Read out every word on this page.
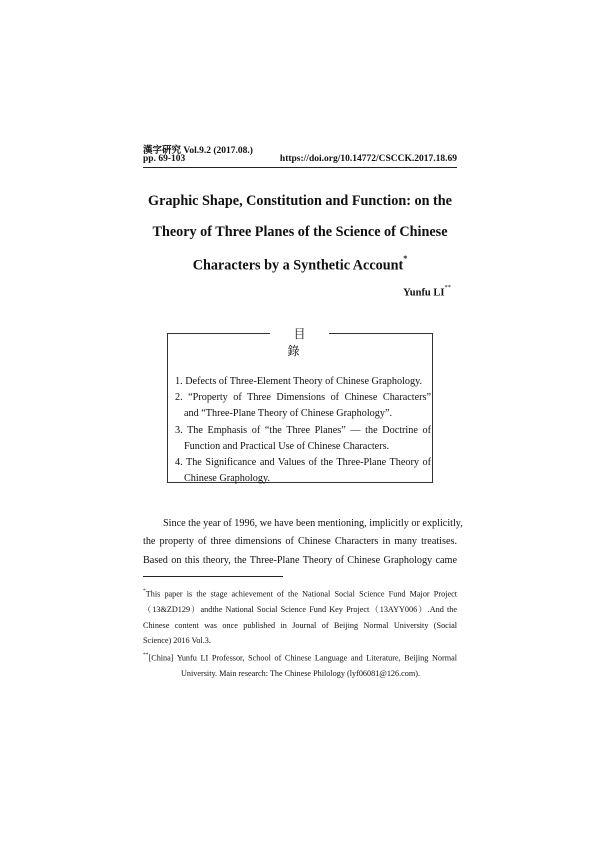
漢字硏究 Vol.9.2 (2017.08.)
pp. 69-103	https://doi.org/10.14772/CSCCK.2017.18.69
Graphic Shape, Constitution and Function: on the
Theory of Three Planes of the Science of Chinese
Characters by a Synthetic Account*
Yunfu LI**
目錄
1. Defects of Three-Element Theory of Chinese Graphology.
2. “Property of Three Dimensions of Chinese Characters”
and “Three-Plane Theory of Chinese Graphology”.
3. The Emphasis of “the Three Planes” — the Doctrine of
Function and Practical Use of Chinese Characters.
4. The Significance and Values of the Three-Plane Theory of
Chinese Graphology.
Since the year of 1996, we have been mentioning, implicitly or explicitly,
the property of three dimensions of Chinese Characters in many treatises.
Based on this theory, the Three-Plane Theory of Chinese Graphology came
*This paper is the stage achievement of the National Social Science Fund Major Project
（13&ZD129）andthe National Social Science Fund Key Project（13AYY006）.And the
Chinese content was once published in Journal of Beijing Normal University (Social
Science) 2016 Vol.3.
**[China] Yunfu LI Professor, School of Chinese Language and Literature, Beijing Normal
University. Main research: The Chinese Philology (lyf06081@126.com).
